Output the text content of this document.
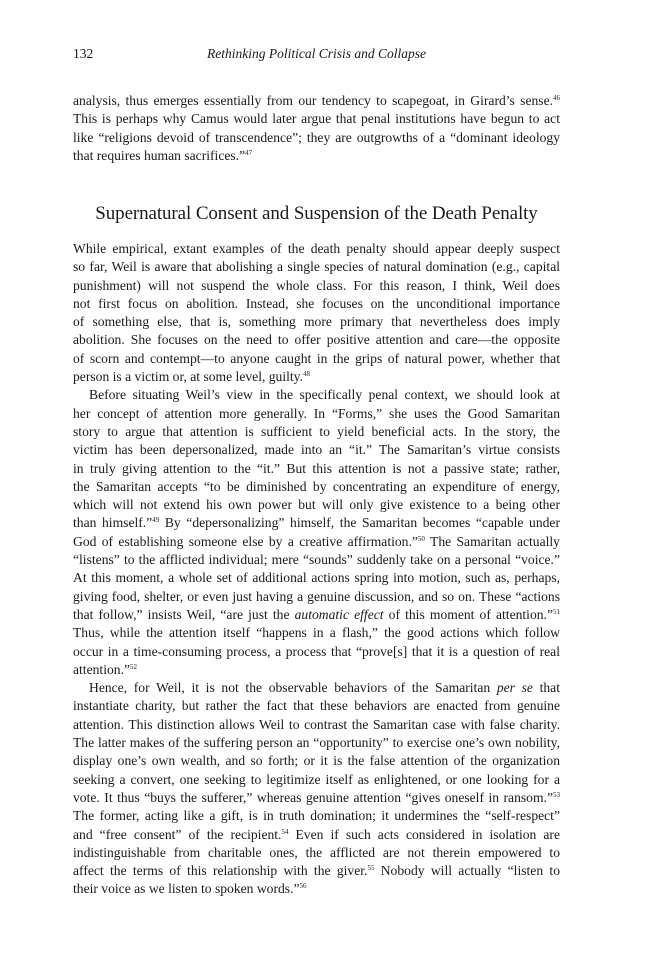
132	Rethinking Political Crisis and Collapse
analysis, thus emerges essentially from our tendency to scapegoat, in Girard’s sense.$^{46}$
This is perhaps why Camus would later argue that penal institutions have begun to act
like “religions devoid of transcendence”; they are outgrowths of a “dominant ideology
that requires human sacrifices.”$^{47}$
Supernatural Consent and Suspension of the Death Penalty
While empirical, extant examples of the death penalty should appear deeply suspect
so far, Weil is aware that abolishing a single species of natural domination (e.g., capital
punishment) will not suspend the whole class. For this reason, I think, Weil does
not first focus on abolition. Instead, she focuses on the unconditional importance
of something else, that is, something more primary that nevertheless does imply
abolition. She focuses on the need to offer positive attention and care—the opposite
of scorn and contempt—to anyone caught in the grips of natural power, whether that
person is a victim or, at some level, guilty.$^{48}$
Before situating Weil’s view in the specifically penal context, we should look at
her concept of attention more generally. In “Forms,” she uses the Good Samaritan
story to argue that attention is sufficient to yield beneficial acts. In the story, the
victim has been depersonalized, made into an “it.” The Samaritan’s virtue consists
in truly giving attention to the “it.” But this attention is not a passive state; rather,
the Samaritan accepts “to be diminished by concentrating an expenditure of energy,
which will not extend his own power but will only give existence to a being other
than himself.”$^{49}$ By “depersonalizing” himself, the Samaritan becomes “capable under
God of establishing someone else by a creative affirmation.”$^{50}$ The Samaritan actually
“listens” to the afflicted individual; mere “sounds” suddenly take on a personal “voice.”
At this moment, a whole set of additional actions spring into motion, such as, perhaps,
giving food, shelter, or even just having a genuine discussion, and so on. These “actions
that follow,” insists Weil, “are just the automatic effect of this moment of attention.”$^{51}$
Thus, while the attention itself “happens in a flash,” the good actions which follow
occur in a time-consuming process, a process that “prove[s] that it is a question of real
attention.”$^{52}$
Hence, for Weil, it is not the observable behaviors of the Samaritan per se that
instantiate charity, but rather the fact that these behaviors are enacted from genuine
attention. This distinction allows Weil to contrast the Samaritan case with false charity.
The latter makes of the suffering person an “opportunity” to exercise one’s own nobility,
display one’s own wealth, and so forth; or it is the false attention of the organization
seeking a convert, one seeking to legitimize itself as enlightened, or one looking for a
vote. It thus “buys the sufferer,” whereas genuine attention “gives oneself in ransom.”$^{53}$
The former, acting like a gift, is in truth domination; it undermines the “self-respect”
and “free consent” of the recipient.$^{54}$ Even if such acts considered in isolation are
indistinguishable from charitable ones, the afflicted are not therein empowered to
affect the terms of this relationship with the giver.$^{55}$ Nobody will actually “listen to
their voice as we listen to spoken words.”$^{56}$
